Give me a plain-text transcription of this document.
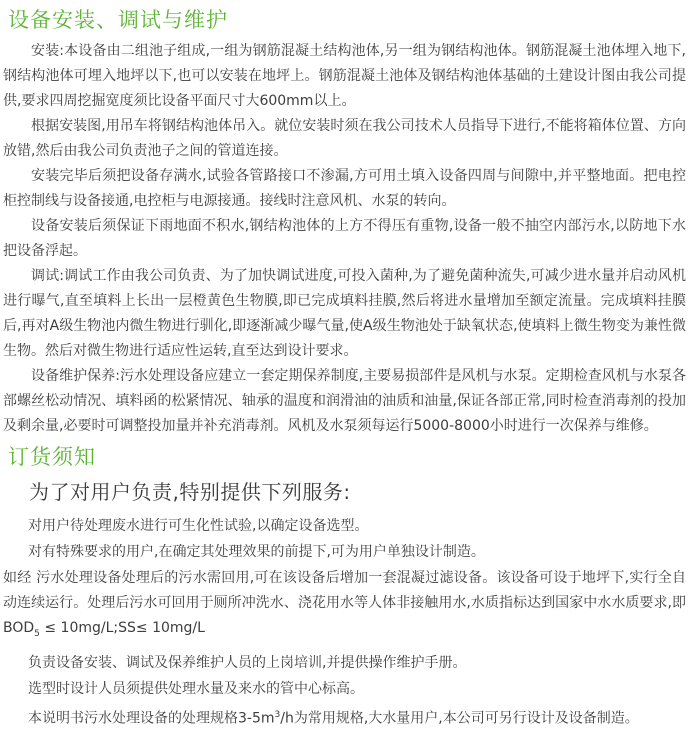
设备安装、调试与维护

安装:本设备由二组池子组成,一组为钢筋混凝土结构池体,另一组为钢结构池体。钢筋混凝土池体埋入地下,钢结构池体可埋入地坪以下,也可以安装在地坪上。钢筋混凝土池体及钢结构池体基础的土建设计图由我公司提供,要求四周挖掘宽度须比设备平面尺寸大600mm以上。

根据安装图,用吊车将钢结构池体吊入。就位安装时须在我公司技术人员指导下进行,不能将箱体位置、方向放错,然后由我公司负责池子之间的管道连接。

安装完毕后须把设备存满水,试验各管路接口不渗漏,方可用土填入设备四周与间隙中,并平整地面。把电控柜控制线与设备接通,电控柜与电源接通。接线时注意风机、水泵的转向。

设备安装后须保证下雨地面不积水,钢结构池体的上方不得压有重物,设备一般不抽空内部污水,以防地下水把设备浮起。

调试:调试工作由我公司负责、为了加快调试进度,可投入菌种,为了避免菌种流失,可减少进水量并启动风机进行曝气,直至填料上长出一层橙黄色生物膜,即已完成填料挂膜,然后将进水量增加至额定流量。完成填料挂膜后,再对A级生物池内微生物进行驯化,即逐渐减少曝气量,使A级生物池处于缺氧状态,使填料上微生物变为兼性微生物。然后对微生物进行适应性运转,直至达到设计要求。

设备维护保养:污水处理设备应建立一套定期保养制度,主要易损部件是风机与水泵。定期检查风机与水泵各部螺丝松动情况、填料函的松紧情况、轴承的温度和润滑油的油质和油量,保证各部正常,同时检查消毒剂的投加及剩余量,必要时可调整投加量并补充消毒剂。风机及水泵须每运行5000-8000小时进行一次保养与维修。

订货须知
为了对用户负责,特别提供下列服务:

对用户待处理废水进行可生化性试验,以确定设备选型。

对有特殊要求的用户,在确定其处理效果的前提下,可为用户单独设计制造。

如经 污水处理设备处理后的污水需回用,可在该设备后增加一套混凝过滤设备。该设备可设于地坪下,实行全自动连续运行。处理后污水可回用于厕所冲洗水、浇花用水等人体非接触用水,水质指标达到国家中水水质要求,即$BOD_5$ ≤ 10mg/L;SS≤ 10mg/L

负责设备安装、调试及保养维护人员的上岗培训,并提供操作维护手册。

选型时设计人员须提供处理水量及来水的管中心标高。

本说明书污水处理设备的处理规格$3-5m^3/h$为常用规格,大水量用户,本公司可另行设计及设备制造。
